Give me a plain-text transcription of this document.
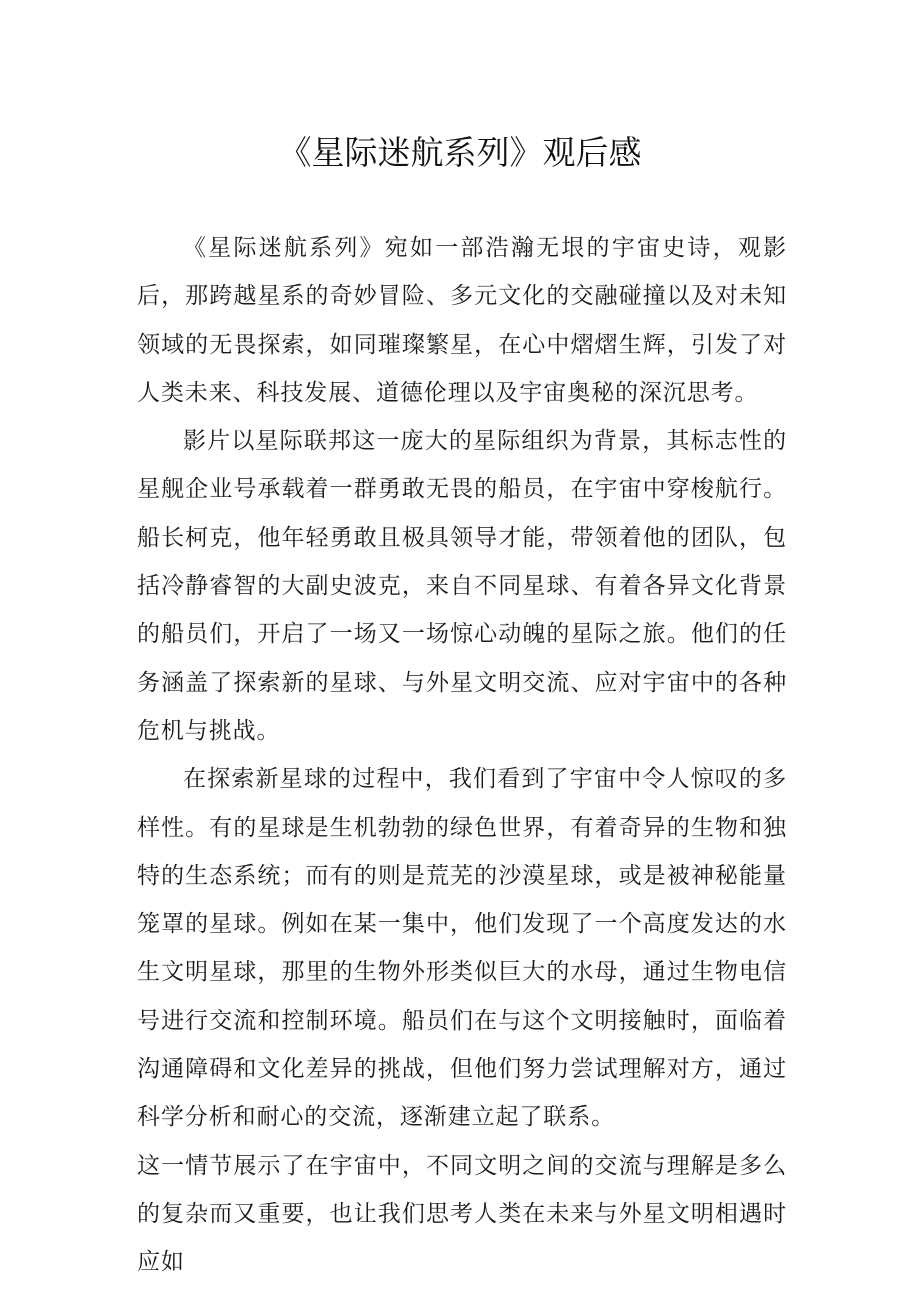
《星际迷航系列》观后感

《星际迷航系列》宛如一部浩瀚无垠的宇宙史诗，观影后，那跨越星系的奇妙冒险、多元文化的交融碰撞以及对未知领域的无畏探索，如同璀璨繁星，在心中熠熠生辉，引发了对人类未来、科技发展、道德伦理以及宇宙奥秘的深沉思考。

影片以星际联邦这一庞大的星际组织为背景，其标志性的星舰企业号承载着一群勇敢无畏的船员，在宇宙中穿梭航行。船长柯克，他年轻勇敢且极具领导才能，带领着他的团队，包括冷静睿智的大副史波克，来自不同星球、有着各异文化背景的船员们，开启了一场又一场惊心动魄的星际之旅。他们的任务涵盖了探索新的星球、与外星文明交流、应对宇宙中的各种危机与挑战。

在探索新星球的过程中，我们看到了宇宙中令人惊叹的多样性。有的星球是生机勃勃的绿色世界，有着奇异的生物和独特的生态系统；而有的则是荒芜的沙漠星球，或是被神秘能量笼罩的星球。例如在某一集中，他们发现了一个高度发达的水生文明星球，那里的生物外形类似巨大的水母，通过生物电信号进行交流和控制环境。船员们在与这个文明接触时，面临着沟通障碍和文化差异的挑战，但他们努力尝试理解对方，通过科学分析和耐心的交流，逐渐建立起了联系。

这一情节展示了在宇宙中，不同文明之间的交流与理解是多么的复杂而又重要，也让我们思考人类在未来与外星文明相遇时应如
